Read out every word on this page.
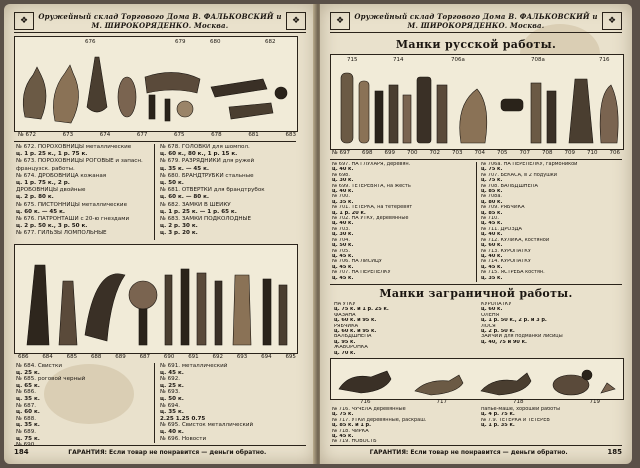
❖	Оружейный склад Торгового Дома В. ФАЛЬКОВСКИЙ и М. ШИРОКОРЯДЕНКО. Москва.	❖
676	679	680	682
№ 672	673	674	677	675	678	681	683
№ 672. ПОРОХОВНИЦЫ металлические
ц. 1 р. 25 к., 1 р. 75 к.
№ 673. ПОРОХОВНИЦЫ РОГОВЫЕ и запасн.
французск. работы.
№ 674. ДРОБОВНИЦА кожаная
ц. 1 р. 75 к., 2 р.
ДРОБОВНИЦЫ двойные
ц. 2 р. 80 к.
№ 675. ПИСТОННИЦЫ металлические
ц. 60 к. — 45 к.
№ 676. ПАТРОНТАШИ с 20-ю гнездами
ц. 2 р. 50 к., 3 р. 50 к.
№ 677. ГИЛЬЗЫ ЛОМПОЛЬНЫЕ
№ 678. ГОЛОВКИ для шомпол.
ц. 60 к., 80 к., 1 р. 15 к.
№ 679. РАЗРЯДНИКИ для ружей
ц. 35 к. — 45 к.
№ 680. БРАНДТРУБКИ стальные
ц. 50 к.
№ 681. ОТВЕРТКИ для брандтрубок
ц. 60 к. — 80 к.
№ 682. ЗАМКИ В ШЕЙКУ
ц. 1 р. 25 к. — 1 р. 65 к.
№ 683. ЗАМКИ ПОДКОЛОДНЫЕ
ц. 2 р. 30 к.
ц. 3 р. 20 к.
686	684	685	688	689	687	690	691	692	693	694	695
№ 684. Свистки
ц. 25 к.
№ 685. роговой черный
ц. 65 к.
№ 686.
ц. 35 к.
№ 687.
ц. 60 к.
№ 688.
ц. 35 к.
№ 689.
ц. 75 к.
№ 690.
№ 691. металлический
ц. 45 к.
№ 692.
ц. 25 к.
№ 693.
ц. 50 к.
№ 694.
ц. 35 к.
2.25 1.25 0.75
№ 695. Свисток металлический
ц. 40 к.
№ 696. Новости
184	ГАРАНТИЯ: Если товар не понравится — деньги обратно.
❖	Оружейный склад Торгового Дома В. ФАЛЬКОВСКИЙ и М. ШИРОКОРЯДЕНКО. Москва.	❖
Манки русской работы.
715	714	706a	708a	716
№ 697 698 699 700 702 703 704 705 707 708 709 710 706
№ 697. НА ГЛУХАРЯ, деревян.
ц. 40 к.
№ 698.
ц. 30 к.
№ 699. ТЕТЕРЕВЯТА, на жесть
ц. 40 к.
№ 700.
ц. 35 к.
№ 701. ТЕТЕРКА, на тетеревят
ц. 1 р. 20 к.
№ 702. НА УТКУ, деревянные
ц. 40 к.
№ 703.
ц. 30 к.
№ 704.
ц. 50 к.
№ 705.
ц. 45 к.
№ 706. НА ЛИСИЦУ
ц. 45 к.
№ 707. НА ПЕРЕПЕЛКУ
ц. 45 к.
№ 706а. НА ПЕРЕПЕЛКУ, гармоникой
ц. 75 к.
№ 707. БЕКАСА, в 2 подушки
ц. 75 к.
№ 708. ВАЛЬДШНЕПА
ц. 85 к.
№ 708а.
ц. 80 к.
№ 709. РЯБЧИКА
ц. 85 к.
№ 710.
ц. 45 к.
№ 711. ДРОЗДА
ц. 40 к.
№ 712. КУЛИКА, костяной
ц. 60 к.
№ 713. КУРОПАТКУ
ц. 40 к.
№ 714. КУРОПАТКУ
ц. 45 к.
№ 715. ЯСТРЕБА костян.
ц. 35 к.
Манки заграничной работы.
НА УТКУ
ц. 75 к. и 1 р. 25 к.
ФАЗАНА
ц. 60 к. и 95 к.
РЯБЧИКА
ц. 60 к. и 95 к.
ВАЛЬДШНЕПА
ц. 95 к.
ЖАВОРОНКА
ц. 70 к.
КУРОПАТКУ
ц. 60 к.
ОЛЕНЯ
ц. 1 р. 50 к., 2 р. и 3 р.
ЛОСЯ
ц. 2 р. 50 к.
ЗАЙЧИЙ для подманки лисицы
ц. 40, 75 и 90 к.
716	717	718	719
№ 716. ЧУЧЕЛА деревянные
ц. 75 к.
№ 717. УТКИ деревянные, раскраш.
ц. 85 к. и 1 р.
№ 718. ЧИРКА
ц. 45 к.
№ 719. НОВОСТЬ
папье-маше, хорошей работы
ц. 4 р. 75 к.
№ 7.9. ТЕТЕРКА и ТЕТЕРЕВ
ц. 1 р. 35 к.
ГАРАНТИЯ: Если товар не понравится — деньги обратно.	185
